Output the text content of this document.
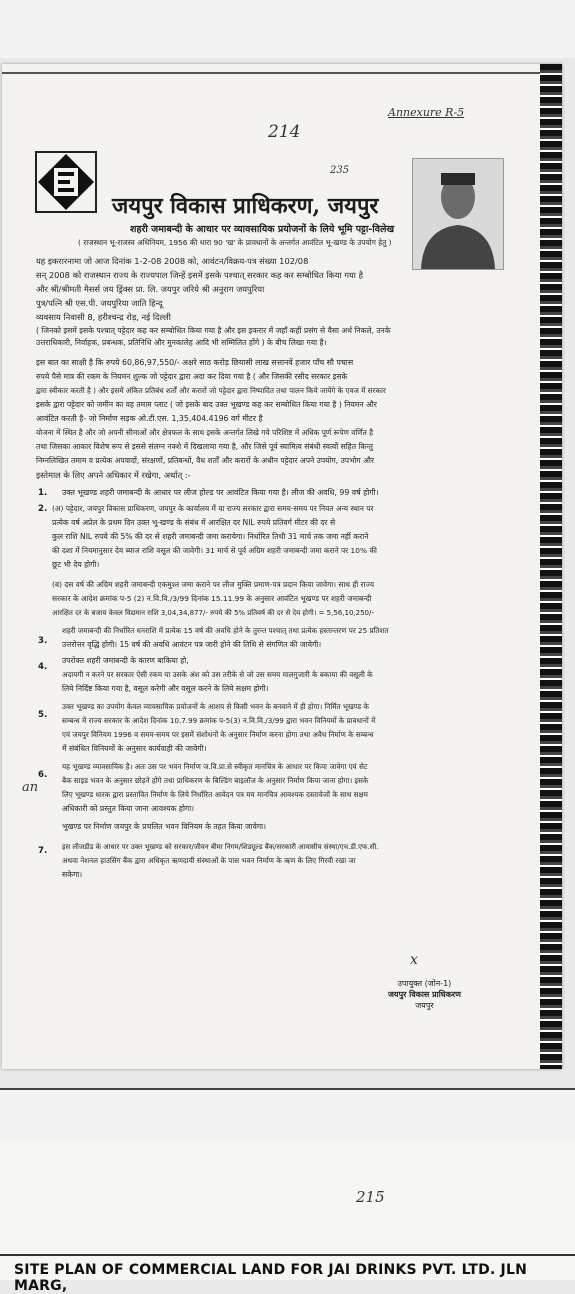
214
Annexure R-5
235
जयपुर विकास प्राधिकरण, जयपुर
शहरी जमाबन्दी के आधार पर व्यावसायिक प्रयोजनों के लिये भूमि पट्टा-विलेख
( राजस्थान भू-राजस्व अधिनियम, 1956 की धारा 90 'ख' के प्रावधानों के अन्तर्गत आवंटित भू-खण्ड के उपयोग हेतु )
यह इकरारनामा जो आज दिनांक 1-2-08 2008 को, आवंटन/विक्रय-पत्र संख्या 102/08
सन् 2008 को राजस्थान राज्य के राज्यपाल जिन्हें इसमें इसके पश्चात् सरकार कह कर सम्बोधित किया गया है
और श्री/श्रीमती मैसर्स जय ड्रिंक्स प्रा. लि. जयपुर जरिये श्री अनुराग जयपुरिया
पुत्र/पत्नि श्री एस.पी. जयपुरिया जाति हिन्दू
व्यवसाय निवासी 8, हरीश्चन्द्र रोड़, नई दिल्ली
( जिनको इसमें इसके पश्चात् पट्टेदार कह कर सम्बोधित किया गया है और इस इकरार में जहाँ कहीं प्रसंग से वैसा अर्थ निकले, उनके
उत्तराधिकारी, निर्वाहक, प्रबन्धक, प्रतिनिधि और मुनकालेह आदि भी सम्मिलित होंगे ) के बीच लिखा गया है।
इस बात का साक्षी है कि रुपये 60,86,97,550/- अक्षरे साठ करोड़ छियासी लाख सत्तानवें हजार पाँच सौ पचास
रुपये पैसे मात्र की रकम के नियमन शुल्क जो पट्टेदार द्वारा अदा कर दिया गया है ( और जिसकी रसीद सरकार इसके
द्वारा स्वीकार करती है ) और इसमें अंकित प्रतिबंध शर्तों और करारों जो पट्टेदार द्वारा निष्पादित तथा पालन किये जायेंगे के एवज में सरकार
इसके द्वारा पट्टेदार को जमीन का वह तमाम प्लाट ( जो इसके बाद उक्त भूखण्ड कह कर सम्बोधित किया गया है ) नियमन और
आवंटित करती है- जो निर्माण सड़क ओ.टी.एस. 1,35,404.4196 वर्ग मीटर है
योजना में स्थित है और जो अपनी सीमाओं और क्षेत्रफल के साथ इसके अन्तर्गत लिखे गये परिशिष्ट में अधिक पूर्ण रूपेण वर्णित है
तथा जिसका आकार विशेष रूप से इससे संलग्न नक्शे में दिखलाया गया है, और जिसे पूर्व स्वामित्व संबंधी स्वत्वों सहित किन्तु
निम्नलिखित तमाम व प्रत्येक अपवादों, संरक्षणों, प्रतिबन्धों, वैध शर्तों और करारों के अधीन पट्टेदार अपने उपयोग, उपभोग और
इस्तेमाल के लिए अपने अधिकार में रखेगा, अर्थात् :-
1. उक्त भूखण्ड शहरी जमाबन्दी के आधार पर लीज होल्ड पर आवंटित किया गया है। लीज की अवधि, 99 वर्ष होगी।
2. (अ) पट्टेदार, जयपुर विकास प्राधिकरण, जयपुर के कार्यालय में या राज्य सरकार द्वारा समय-समय पर नियत अन्य स्थान पर
प्रत्येक वर्ष अप्रेल के प्रथम दिन उक्त भू-खण्ड के संबंध में आरक्षित दर NIL रुपये प्रतिवर्ग मीटर की दर से
कुल राशि NIL रुपये की 5% की दर से शहरी जमाबन्दी जमा करायेगा। निर्धारित तिथी 31 मार्च तक जमा नहीं कराने
की दशा में नियमानुसार देय ब्याज राशि वसूल की जावेगी। 31 मार्च से पूर्व अग्रिम शहरी जमाबन्दी जमा कराने पर 10% की
छूट भी देय होगी।
(ब) दस वर्ष की अग्रिम शहरी जमाबन्दी एकमुश्त जमा कराने पर लीज मुक्ति प्रमाण-पत्र प्रदान किया जावेगा। साथ ही राज्य
सरकार के आदेश क्रमांक प-5 (2) न.वि.वि./3/99 दिनांक 15.11.99 के अनुसार आवंटित भूखण्ड पर शहरी जमाबन्दी
आरक्षित दर के बजाय केवल विद्यमान राशि 3,04,34,877/- रुपये की 5% प्रतिवर्ष की दर से देय होगी। = 5,56,10,250/-
3.
शहरी जमाबन्दी की निर्धारित धनराशि में प्रत्येक 15 वर्ष की अवधि होने के तुरन्त पश्चात् तथा प्रत्येक हस्तान्तरण पर 25 प्रतिशत
उत्तरोत्तर वृद्धि होगी। 15 वर्ष की अवधि आवंटन पत्र जारी होने की तिथि से संगणित की जायेगी।
4.
उपरोक्त शहरी जमाबन्दी के कारण बाकिया हो,
अदायगी न करने पर सरकार ऐसी रकम या उसके अंश को उस तरीके से जो उस समय मालगुजारी के बकाया की वसूली के
लिये निर्दिष्ट किया गया है, वसूल करेगी और वसूल करने के लिये सक्षम होगी।
5.
उक्त भूखण्ड का उपयोग केवल व्यावसायिक प्रयोजनों के आशय से किसी भवन के बनवाने में ही होगा। निर्मित भूखण्ड के
सम्बन्ध में राज्य सरकार के आदेश दिनांक 10.7.99 क्रमांक प-5(3) न.वि.वि./3/99 द्वारा भवन विनियमों के प्रावधानों में
एवं जयपुर विनियम 1996 व समय-समय पर इसमें संशोधनों के अनुसार निर्माण करना होगा तथा अवैध निर्माण के सम्बन्ध
में संबंधित विनियमों के अनुसार कार्यवाही की जावेगी।
6.
an
यह भूखण्ड व्यावसायिक है। अतः उस पर भवन निर्माण ज.वि.प्रा.से स्वीकृत मानचित्र के आधार पर किया जावेगा एवं सेट
बैक साइड भवन के अनुसार छोड़ने होंगे तथा प्राधिकरण के बिल्डिंग बाइलॉज के अनुसार निर्माण किया जाना होगा। इसके
लिए भूखण्ड धारक द्वारा प्रस्तावित निर्माण के लिये निर्धारित आवेदन पत्र मय मानचित्र आवश्यक दस्तावेजों के साथ सक्षम
अधिकारी को प्रस्तुत किया जाना आवश्यक होगा।
भूखण्ड पर निर्माण जयपुर के प्रचलित भवन विनियम के तहत किया जावेगा।
7. इस लीजडीड के आधार पर उक्त भूखण्ड को सरकार/जीवन बीमा निगम/शिड्यूल्ड बैंक/सरकारी आवासीय संस्था/एच.डी.एफ.सी.
अथवा नेशनल हाउसिंग बैंक द्वारा अधिकृत ऋणदायी संस्थाओं के पास भवन निर्माण के ऋण के लिए गिरवी रखा जा
सकेगा।
x
उपायुक्त (जोन-1)
जयपुर विकास प्राधिकरण
जयपुर
215
SITE PLAN OF COMMERCIAL LAND FOR JAI DRINKS PVT. LTD. JLN MARG,
